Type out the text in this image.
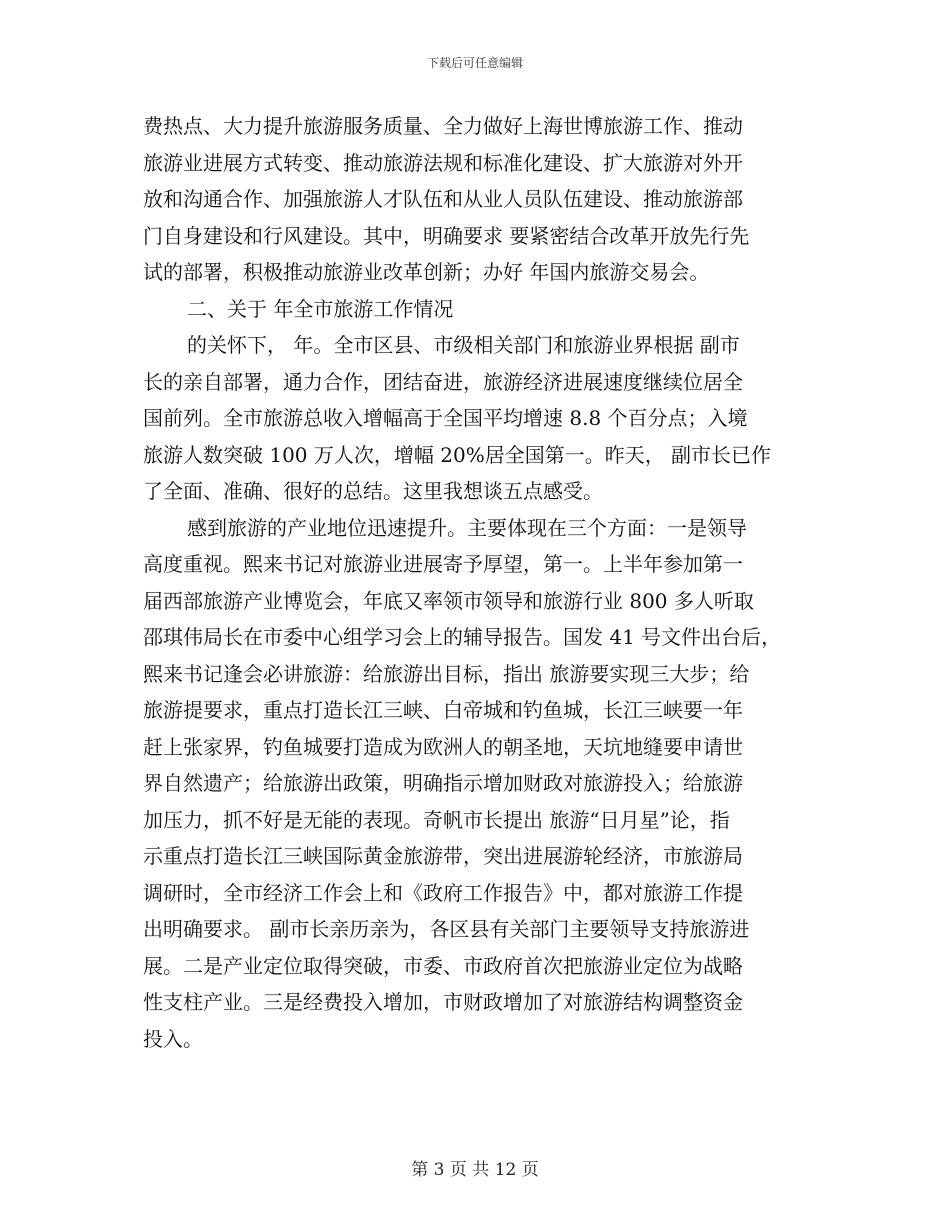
下载后可任意编辑
费热点、大力提升旅游服务质量、全力做好上海世博旅游工作、推动
旅游业进展方式转变、推动旅游法规和标准化建设、扩大旅游对外开
放和沟通合作、加强旅游人才队伍和从业人员队伍建设、推动旅游部
门自身建设和行风建设。其中，明确要求 要紧密结合改革开放先行先
试的部署，积极推动旅游业改革创新；办好 年国内旅游交易会。
二、关于 年全市旅游工作情况
的关怀下， 年。全市区县、市级相关部门和旅游业界根据 副市
长的亲自部署，通力合作，团结奋进，旅游经济进展速度继续位居全
国前列。全市旅游总收入增幅高于全国平均增速 8.8 个百分点；入境
旅游人数突破 100 万人次，增幅 20%居全国第一。昨天， 副市长已作
了全面、准确、很好的总结。这里我想谈五点感受。
感到旅游的产业地位迅速提升。主要体现在三个方面：一是领导
高度重视。熙来书记对旅游业进展寄予厚望，第一。上半年参加第一
届西部旅游产业博览会，年底又率领市领导和旅游行业 800 多人听取
邵琪伟局长在市委中心组学习会上的辅导报告。国发 41 号文件出台后，
熙来书记逢会必讲旅游：给旅游出目标，指出 旅游要实现三大步；给
旅游提要求，重点打造长江三峡、白帝城和钓鱼城，长江三峡要一年
赶上张家界，钓鱼城要打造成为欧洲人的朝圣地，天坑地缝要申请世
界自然遗产；给旅游出政策，明确指示增加财政对旅游投入；给旅游
加压力，抓不好是无能的表现。奇帆市长提出 旅游“日月星”论，指
示重点打造长江三峡国际黄金旅游带，突出进展游轮经济，市旅游局
调研时，全市经济工作会上和《政府工作报告》中，都对旅游工作提
出明确要求。 副市长亲历亲为，各区县有关部门主要领导支持旅游进
展。二是产业定位取得突破，市委、市政府首次把旅游业定位为战略
性支柱产业。三是经费投入增加，市财政增加了对旅游结构调整资金
投入。
第 3 页 共 12 页
